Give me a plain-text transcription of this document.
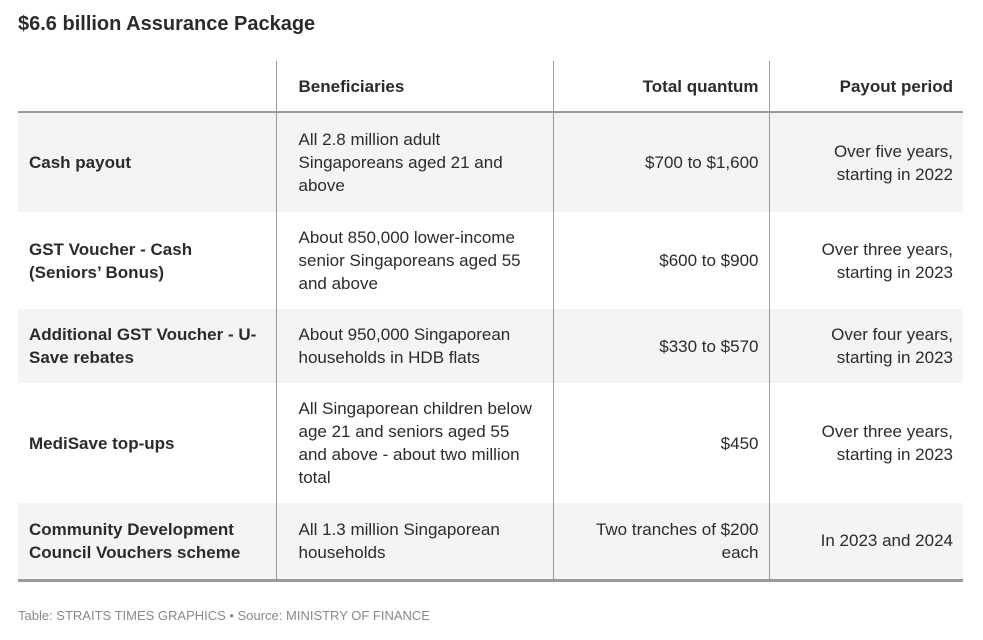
$6.6 billion Assurance Package
	Beneficiaries	Total quantum	Payout period
Cash payout	All 2.8 million adult Singaporeans aged 21 and above	$700 to $1,600	Over five years, starting in 2022
GST Voucher - Cash (Seniors’ Bonus)	About 850,000 lower-income senior Singaporeans aged 55 and above	$600 to $900	Over three years, starting in 2023
Additional GST Voucher - U-Save rebates	About 950,000 Singaporean households in HDB flats	$330 to $570	Over four years, starting in 2023
MediSave top-ups	All Singaporean children below age 21 and seniors aged 55 and above - about two million total	$450	Over three years, starting in 2023
Community Development Council Vouchers scheme	All 1.3 million Singaporean households	Two tranches of $200 each	In 2023 and 2024

Table: STRAITS TIMES GRAPHICS • Source: MINISTRY OF FINANCE
